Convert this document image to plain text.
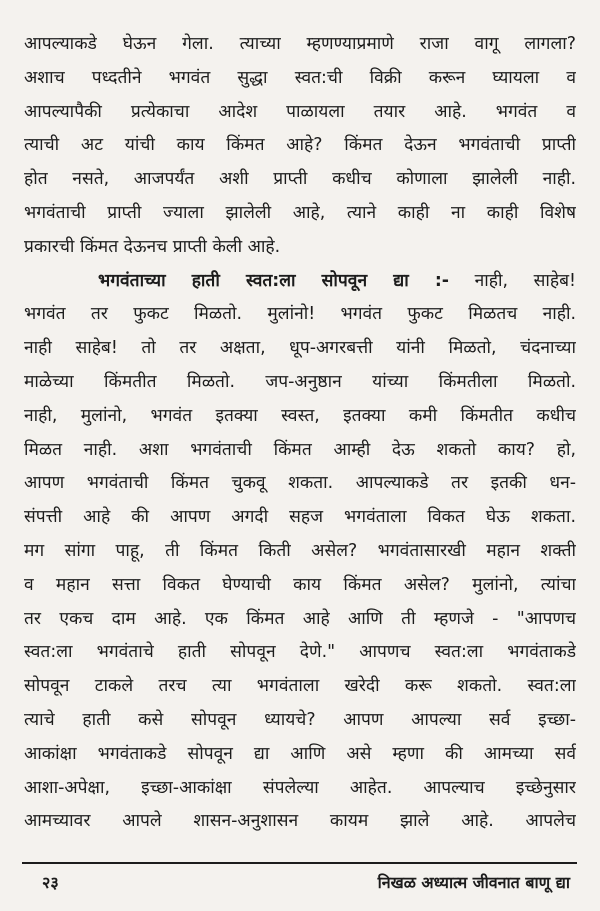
आपल्याकडे घेऊन गेला. त्याच्या म्हणण्याप्रमाणे राजा वागू लागला?
अशाच पध्दतीने भगवंत सुद्धा स्वत:ची विक्री करून घ्यायला व
आपल्यापैकी प्रत्येकाचा आदेश पाळायला तयार आहे. भगवंत व
त्याची अट यांची काय किंमत आहे? किंमत देऊन भगवंताची प्राप्ती
होत नसते, आजपर्यंत अशी प्राप्ती कधीच कोणाला झालेली नाही.
भगवंताची प्राप्ती ज्याला झालेली आहे, त्याने काही ना काही विशेष
प्रकारची किंमत देऊनच प्राप्ती केली आहे.
भगवंताच्या हाती स्वत:ला सोपवून द्या :- नाही, साहेब!
भगवंत तर फुकट मिळतो. मुलांनो! भगवंत फुकट मिळतच नाही.
नाही साहेब! तो तर अक्षता, धूप-अगरबत्ती यांनी मिळतो, चंदनाच्या
माळेच्या किंमतीत मिळतो. जप-अनुष्ठान यांच्या किंमतीला मिळतो.
नाही, मुलांनो, भगवंत इतक्या स्वस्त, इतक्या कमी किंमतीत कधीच
मिळत नाही. अशा भगवंताची किंमत आम्ही देऊ शकतो काय? हो,
आपण भगवंताची किंमत चुकवू शकता. आपल्याकडे तर इतकी धन-
संपत्ती आहे की आपण अगदी सहज भगवंताला विकत घेऊ शकता.
मग सांगा पाहू, ती किंमत किती असेल? भगवंतासारखी महान शक्ती
व महान सत्ता विकत घेण्याची काय किंमत असेल? मुलांनो, त्यांचा
तर एकच दाम आहे. एक किंमत आहे आणि ती म्हणजे - "आपणच
स्वत:ला भगवंताचे हाती सोपवून देणे." आपणच स्वत:ला भगवंताकडे
सोपवून टाकले तरच त्या भगवंताला खरेदी करू शकतो. स्वत:ला
त्याचे हाती कसे सोपवून ध्यायचे? आपण आपल्या सर्व इच्छा-
आकांक्षा भगवंताकडे सोपवून द्या आणि असे म्हणा की आमच्या सर्व
आशा-अपेक्षा, इच्छा-आकांक्षा संपलेल्या आहेत. आपल्याच इच्छेनुसार
आमच्यावर आपले शासन-अनुशासन कायम झाले आहे. आपलेच
२३	निखळ अध्यात्म जीवनात बाणू द्या
